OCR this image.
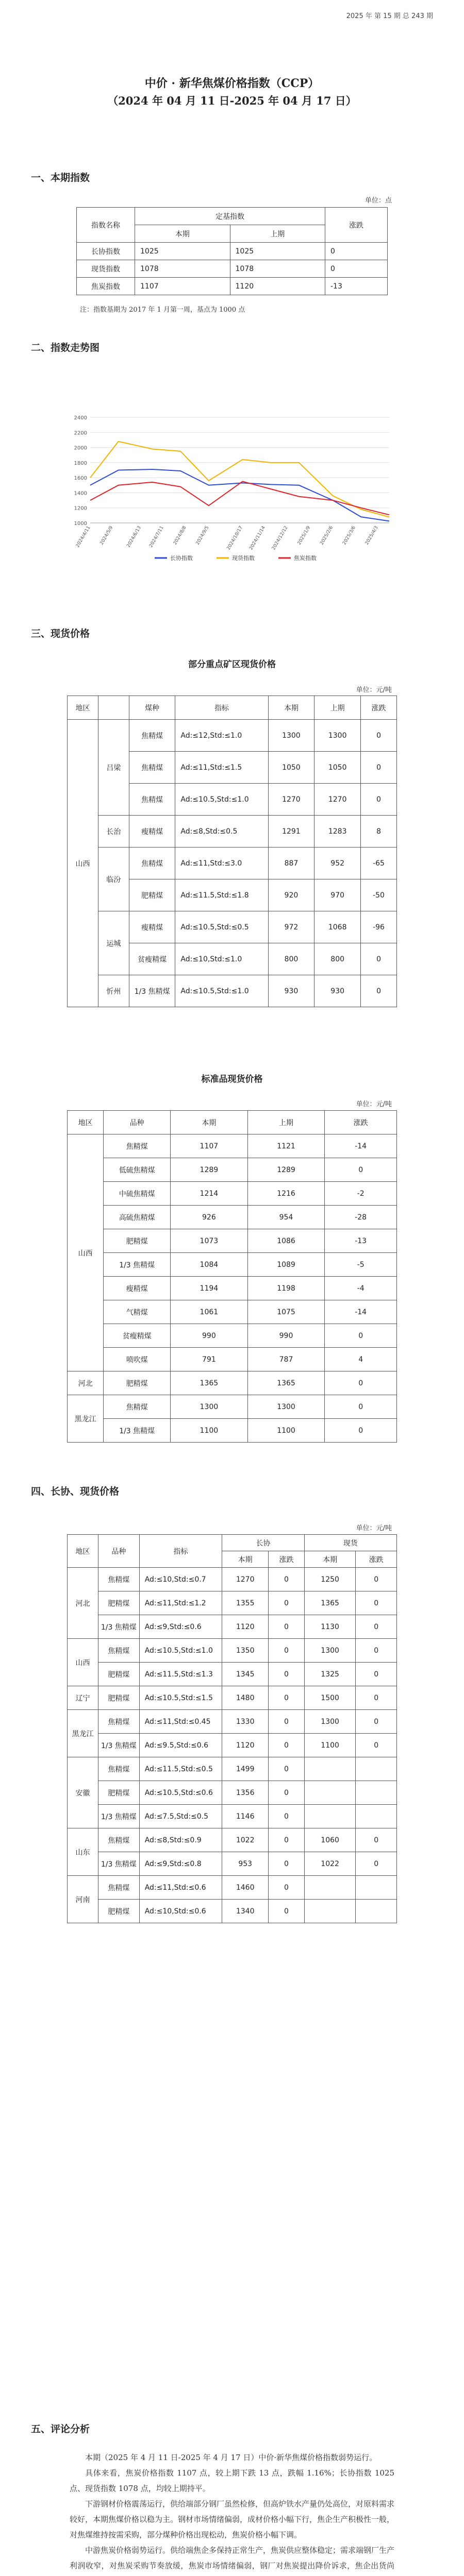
2025 年 第 15 期 总 243 期
中价 · 新华焦煤价格指数（CCP）
（2024 年 04 月 11 日-2025 年 04 月 17 日）
一、本期指数
单位：点
指数名称	定基指数		涨跌
	本期	上期	
长协指数	1025	1025	0
现货指数	1078	1078	0
焦炭指数	1107	1120	-13
注：指数基期为 2017 年 1 月第一周，基点为 1000 点
二、指数走势图
1000
1200
1400
1600
1800
2000
2200
2400
2024/4/11 2024/5/9	2024/6/13 2024/7/11 2024/8/8 2024/9/5	2024/10/17 2024/11/14 2024/12/12 2025/1/9 2025/2/6 2025/3/6 2025/4/3
长协指数	现货指数	焦炭指数
三、现货价格
部分重点矿区现货价格
单位：元/吨
地区		煤种	指标	本期	上期	涨跌
山西	吕梁	焦精煤	Ad:≤12,Std:≤1.0	1300	1300	0
		焦精煤	Ad:≤11,Std:≤1.5	1050	1050	0
		焦精煤	Ad:≤10.5,Std:≤1.0	1270	1270	0
	长治	瘦精煤	Ad:≤8,Std:≤0.5	1291	1283	8
	临汾	焦精煤	Ad:≤11,Std:≤3.0	887	952	-65
		肥精煤	Ad:≤11.5,Std:≤1.8	920	970	-50
	运城	瘦精煤	Ad:≤10.5,Std:≤0.5	972	1068	-96
		贫瘦精煤	Ad:≤10,Std:≤1.0	800	800	0
	忻州	1/3 焦精煤	Ad:≤10.5,Std:≤1.0	930	930	0
标准品现货价格
单位：元/吨
地区	品种	本期	上期	涨跌
山西	焦精煤	1107	1121	-14
	低硫焦精煤	1289	1289	0
	中硫焦精煤	1214	1216	-2
	高硫焦精煤	926	954	-28
	肥精煤	1073	1086	-13
	1/3 焦精煤	1084	1089	-5
	瘦精煤	1194	1198	-4
	气精煤	1061	1075	-14
	贫瘦精煤	990	990	0
	喷吹煤	791	787	4
河北	肥精煤	1365	1365	0
黑龙江	焦精煤	1300	1300	0
	1/3 焦精煤	1100	1100	0
四、长协、现货价格
单位：元/吨
地区	品种	指标	长协		现货	
			本期	涨跌	本期	涨跌
河北	焦精煤	Ad:≤10,Std:≤0.7	1270	0	1250	0
	肥精煤	Ad:≤11,Std:≤1.2	1355	0	1365	0
	1/3 焦精煤	Ad:≤9,Std:≤0.6	1120	0	1130	0
山西	焦精煤	Ad:≤10.5,Std:≤1.0	1350	0	1300	0
	肥精煤	Ad:≤11.5,Std:≤1.3	1345	0	1325	0
辽宁	肥精煤	Ad:≤10.5,Std:≤1.5	1480	0	1500	0
黑龙江	焦精煤	Ad:≤11,Std:≤0.45	1330	0	1300	0
	1/3 焦精煤	Ad:≤9.5,Std:≤0.6	1120	0	1100	0
安徽	焦精煤	Ad:≤11.5,Std:≤0.5	1499	0		
	肥精煤	Ad:≤10.5,Std:≤0.6	1356	0		
	1/3 焦精煤	Ad:≤7.5,Std:≤0.5	1146	0		
山东	焦精煤	Ad:≤8,Std:≤0.9	1022	0	1060	0
	1/3 焦精煤	Ad:≤9,Std:≤0.8	953	0	1022	0
河南	焦精煤	Ad:≤11,Std:≤0.6	1460	0		
	肥精煤	Ad:≤10,Std:≤0.6	1340	0		
五、评论分析

本期（2025 年 4 月 11 日-2025 年 4 月 17 日）中价·新华焦煤价格指数弱势运行。

具体来看，焦炭价格指数 1107 点，较上期下跌 13 点，跌幅 1.16%；长协指数 1025 点、现货指数 1078 点，均较上期持平。

下游钢材价格震荡运行，供给端部分钢厂虽然检修，但高炉铁水产量仍处高位，对原料需求较好，本期焦煤价格以稳为主。钢材市场情绪偏弱，成材价格小幅下行，焦企生产积极性一般，对焦煤维持按需采购，部分煤种价格出现松动，焦炭价格小幅下调。

中游焦炭价格弱势运行。供给端焦企多保持正常生产，焦炭供应整体稳定；需求端钢厂生产利润收窄，对焦炭采购节奏放缓，焦炭市场情绪偏弱，钢厂对焦炭提出降价诉求，焦企出货尚
